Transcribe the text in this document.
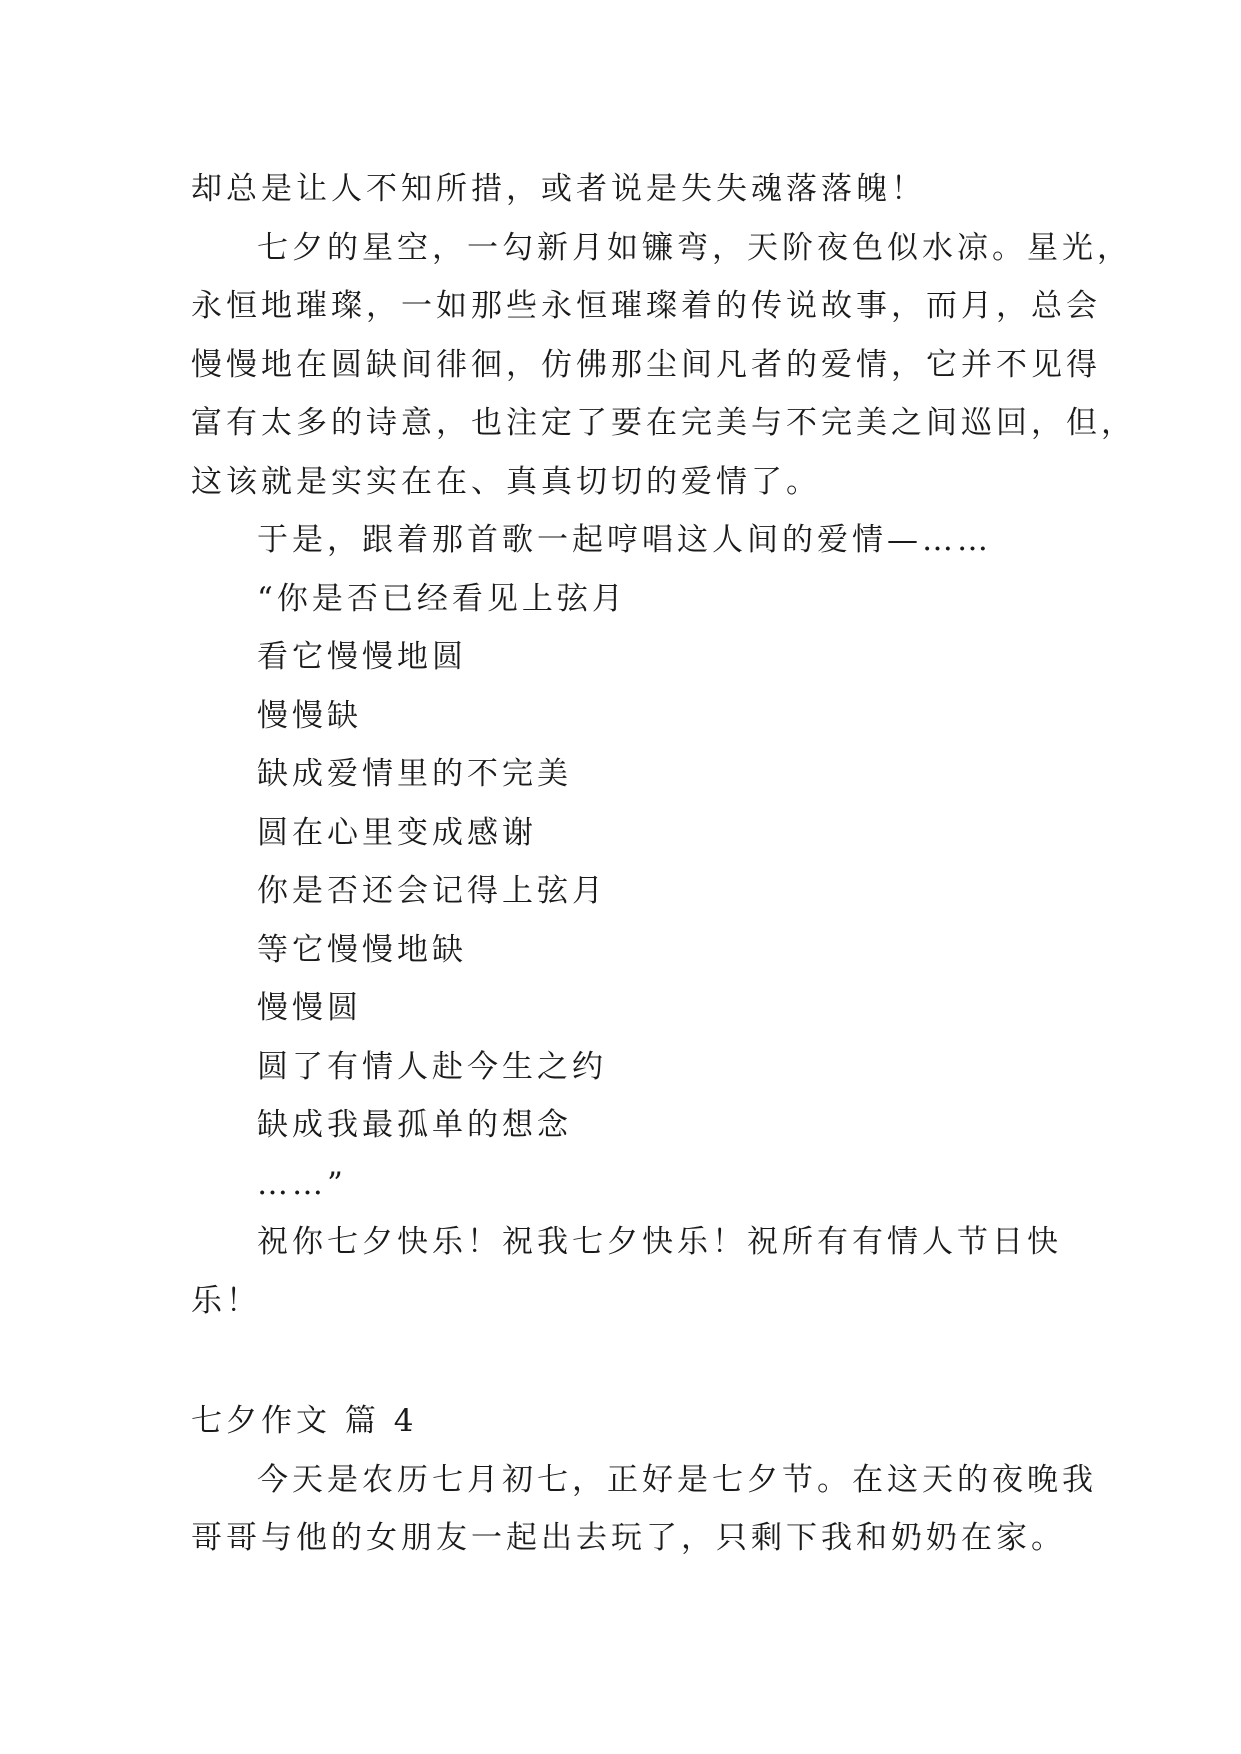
却总是让人不知所措，或者说是失失魂落落魄！
七夕的星空，一勾新月如镰弯，天阶夜色似水凉。星光，
永恒地璀璨，一如那些永恒璀璨着的传说故事，而月，总会
慢慢地在圆缺间徘徊，仿佛那尘间凡者的爱情，它并不见得
富有太多的诗意，也注定了要在完美与不完美之间巡回，但，
这该就是实实在在、真真切切的爱情了。
于是，跟着那首歌一起哼唱这人间的爱情—……
“你是否已经看见上弦月
看它慢慢地圆
慢慢缺
缺成爱情里的不完美
圆在心里变成感谢
你是否还会记得上弦月
等它慢慢地缺
慢慢圆
圆了有情人赴今生之约
缺成我最孤单的想念
……”
祝你七夕快乐！祝我七夕快乐！祝所有有情人节日快
乐！
七夕作文 篇 4
今天是农历七月初七，正好是七夕节。在这天的夜晚我
哥哥与他的女朋友一起出去玩了，只剩下我和奶奶在家。
